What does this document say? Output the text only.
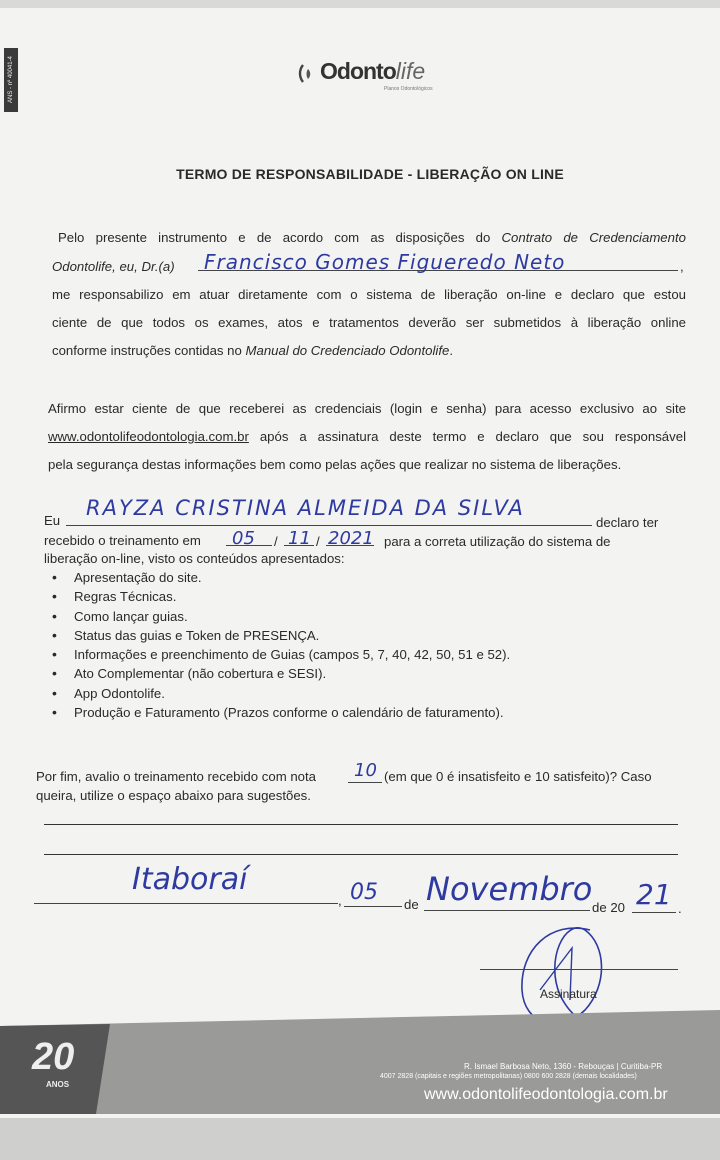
ANS - nº 40041-4	Odontolife
Planos Odontológicos
TERMO DE RESPONSABILIDADE - LIBERAÇÃO ON LINE
Pelo presente instrumento e de acordo com as disposições do Contrato de Credenciamento
Odontolife, eu, Dr.(a)	,
Francisco Gomes Figueredo Neto
me responsabilizo em atuar diretamente com o sistema de liberação on-line e declaro que estou
ciente de que todos os exames, atos e tratamentos deverão ser submetidos à liberação online
conforme instruções contidas no Manual do Credenciado Odontolife.
Afirmo estar ciente de que receberei as credenciais (login e senha) para acesso exclusivo ao site
www.odontolifeodontologia.com.br após a assinatura deste termo e declaro que sou responsável
pela segurança destas informações bem como pelas ações que realizar no sistema de liberações.
Eu
RAYZA CRISTINA ALMEIDA DA SILVA
declaro ter
recebido o treinamento em	/	/
05 11 2021 para a correta utilização do sistema de
liberação on-line, visto os conteúdos apresentados:
• Apresentação do site.
• Regras Técnicas.
• Como lançar guias.
• Status das guias e Token de PRESENÇA.
• Informações e preenchimento de Guias (campos 5, 7, 40, 42, 50, 51 e 52).
• Ato Complementar (não cobertura e SESI).
• App Odontolife.
• Produção e Faturamento (Prazos conforme o calendário de faturamento).
Por fim, avalio o treinamento recebido com nota 10 (em que 0 é insatisfeito e 10 satisfeito)? Caso
queira, utilize o espaço abaixo para sugestões.
Itaboraí
, 05 de Novembro de 20 21 .
Assinatura
20
ANOS
R. Ismael Barbosa Neto, 1360 - Rebouças | Curitiba-PR
4007 2828 (capitais e regiões metropolitanas) 0800 600 2828 (demais localidades)
www.odontolifeodontologia.com.br
